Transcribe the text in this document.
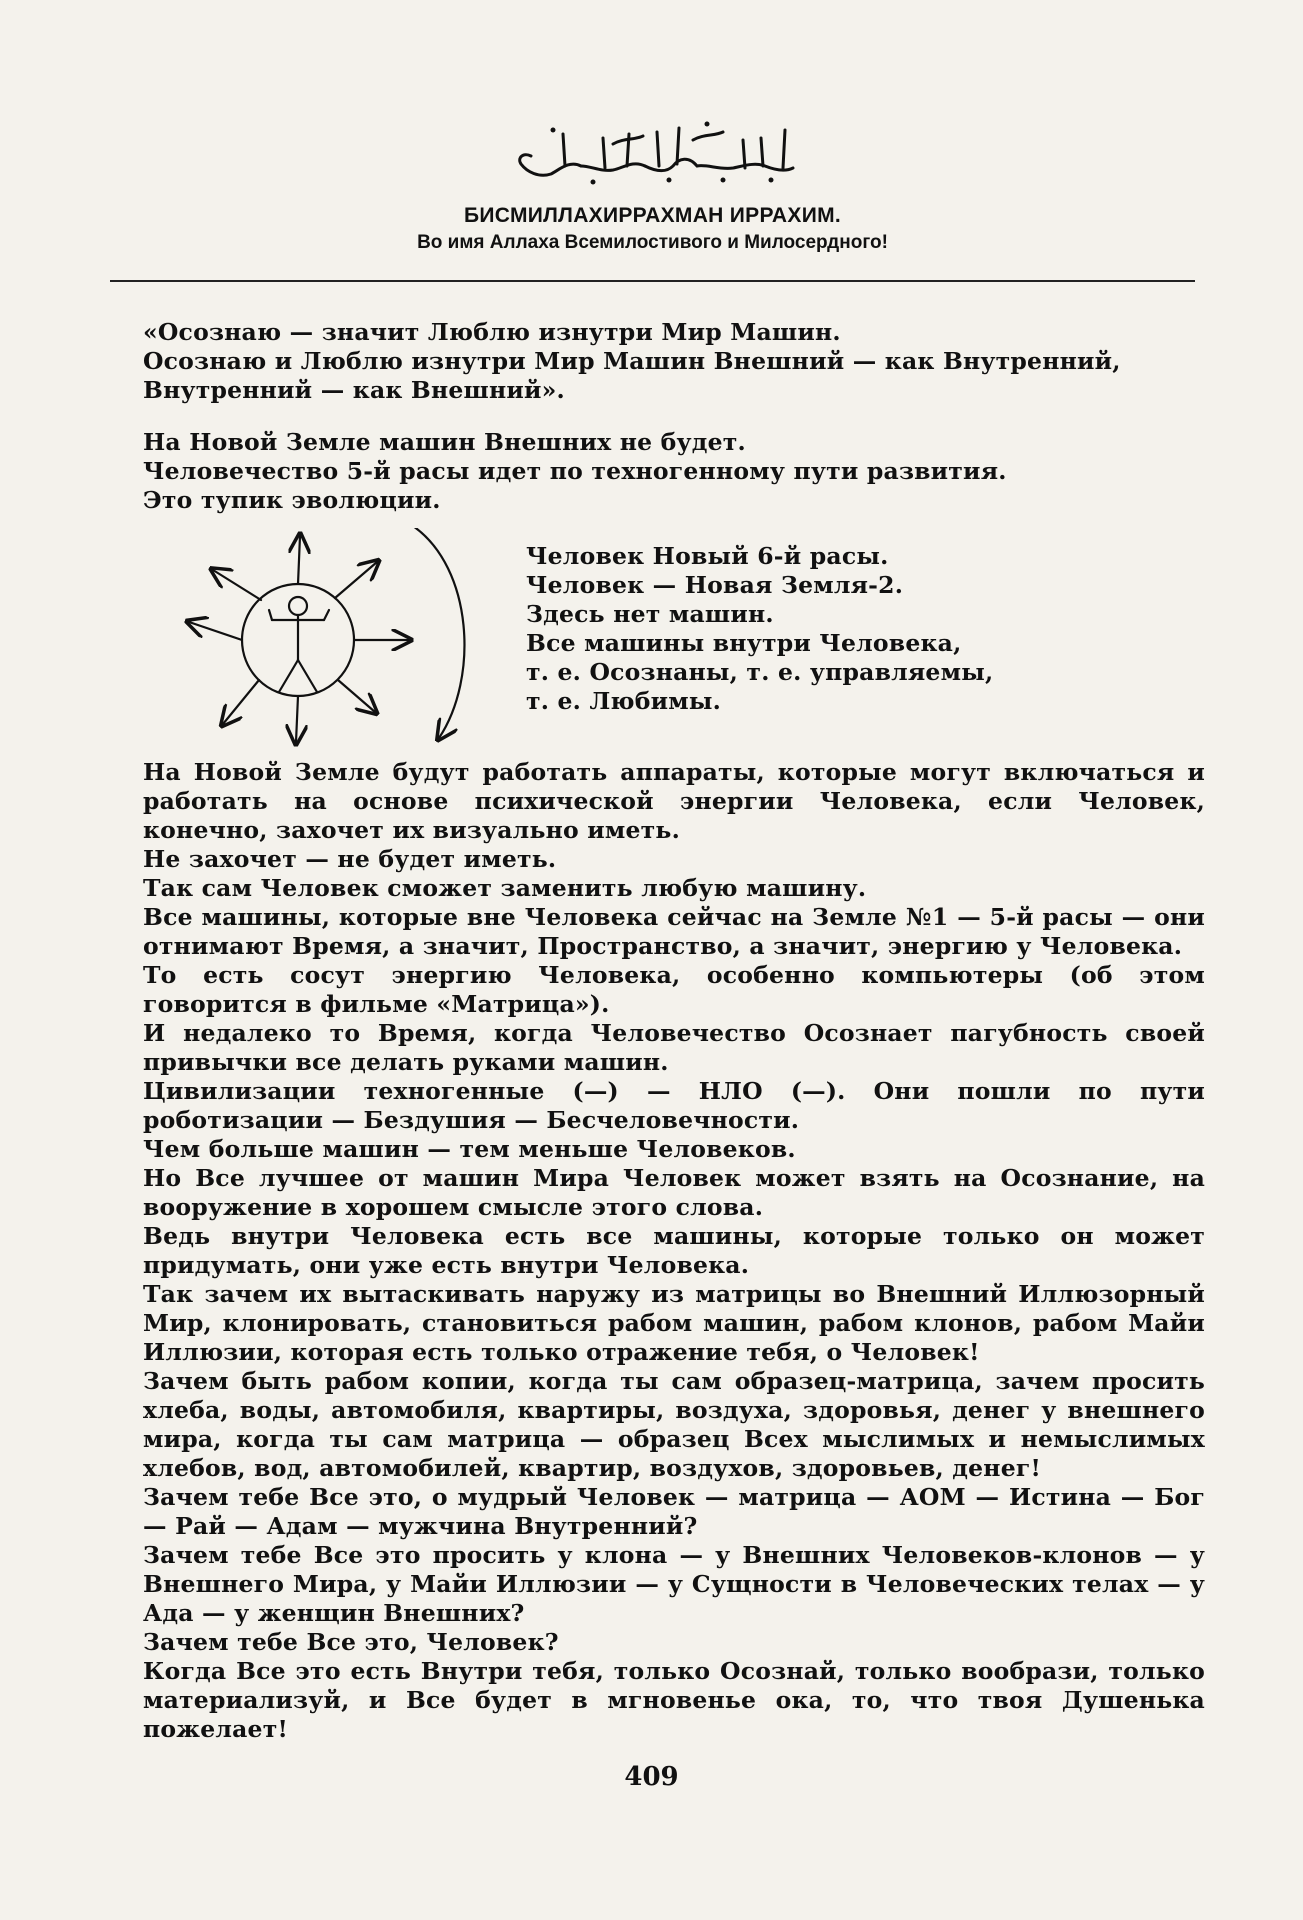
БИСМИЛЛАХИРРАХМАН ИРРАХИМ.
Во имя Аллаха Всемилостивого и Милосердного!

«Осознаю — значит Люблю изнутри Мир Машин.

Осознаю и Люблю изнутри Мир Машин Внешний — как Внутренний,

Внутренний — как Внешний».

На Новой Земле машин Внешних не будет.

Человечество 5-й расы идет по техногенному пути развития.

Это тупик эволюции.

Человек Новый 6-й расы.

Человек — Новая Земля-2.

Здесь нет машин.

Все машины внутри Человека,

т. е. Осознаны, т. е. управляемы,

т. е. Любимы.

На Новой Земле будут работать аппараты, которые могут включаться и работать на основе психической энергии Человека, если Человек, конечно, захочет их визуально иметь.

Не захочет — не будет иметь.

Так сам Человек сможет заменить любую машину.

Все машины, которые вне Человека сейчас на Земле №1 — 5-й расы — они отнимают Время, а значит, Пространство, а значит, энергию у Человека.

То есть сосут энергию Человека, особенно компьютеры (об этом говорится в фильме «Матрица»).

И недалеко то Время, когда Человечество Осознает пагубность своей привычки все делать руками машин.

Цивилизации техногенные (—) — НЛО (—). Они пошли по пути роботизации — Бездушия — Бесчеловечности.

Чем больше машин — тем меньше Человеков.

Но Все лучшее от машин Мира Человек может взять на Осознание, на вооружение в хорошем смысле этого слова.

Ведь внутри Человека есть все машины, которые только он может придумать, они уже есть внутри Человека.

Так зачем их вытаскивать наружу из матрицы во Внешний Иллюзорный Мир, клонировать, становиться рабом машин, рабом клонов, рабом Майи Иллюзии, которая есть только отражение тебя, о Человек!

Зачем быть рабом копии, когда ты сам образец-матрица, зачем просить хлеба, воды, автомобиля, квартиры, воздуха, здоровья, денег у внешнего мира, когда ты сам матрица — образец Всех мыслимых и немыслимых хлебов, вод, автомобилей, квартир, воздухов, здоровьев, денег!

Зачем тебе Все это, о мудрый Человек — матрица — АОМ — Истина — Бог — Рай — Адам — мужчина Внутренний?

Зачем тебе Все это просить у клона — у Внешних Человеков-клонов — у Внешнего Мира, у Майи Иллюзии — у Сущности в Человеческих телах — у Ада — у женщин Внешних?

Зачем тебе Все это, Человек?

Когда Все это есть Внутри тебя, только Осознай, только вообрази, только материализуй, и Все будет в мгновенье ока, то, что твоя Душенька пожелает!

409
